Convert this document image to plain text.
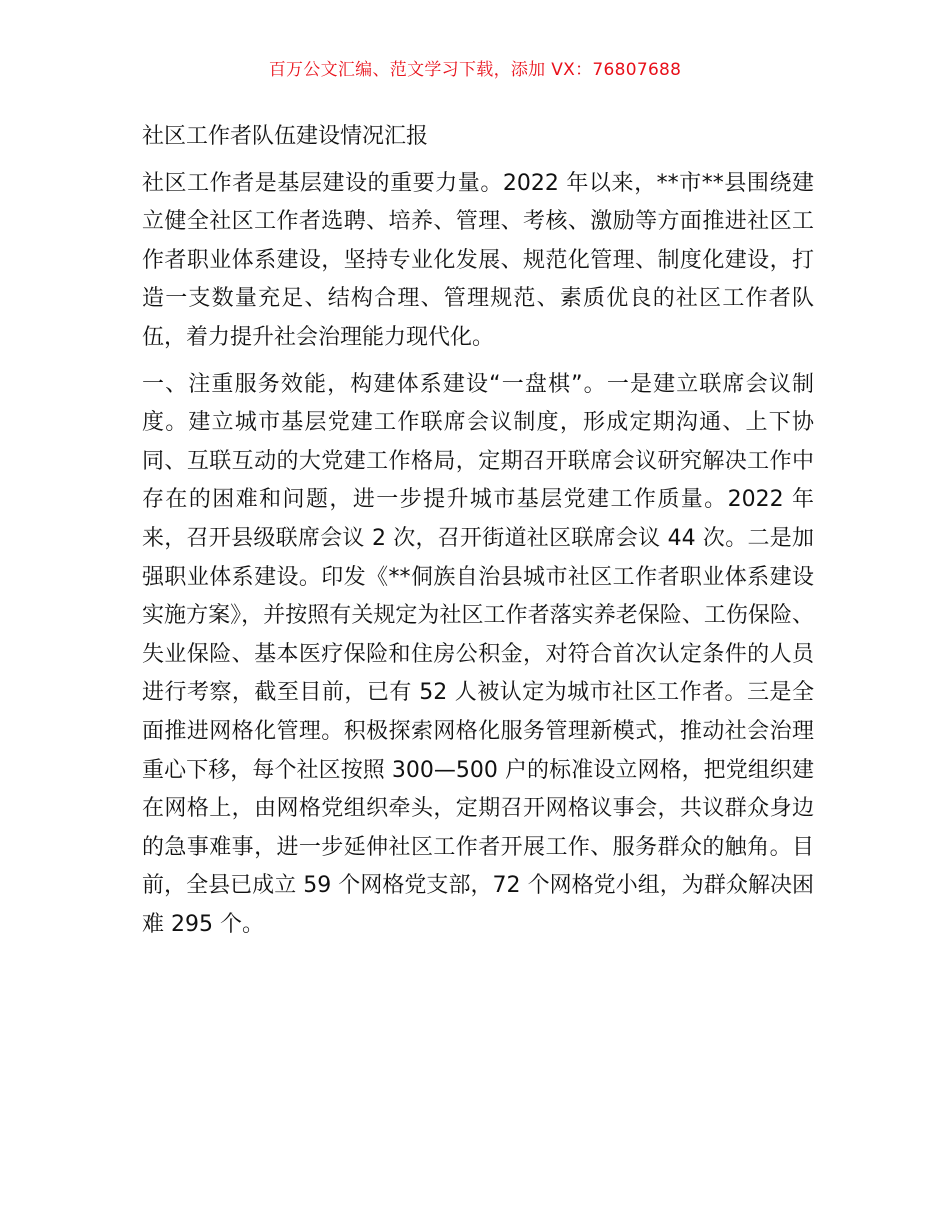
百万公文汇编、范文学习下载，添加 VX：76807688

社区工作者队伍建设情况汇报

社区工作者是基层建设的重要力量。2022 年以来，**市**县围绕建立健全社区工作者选聘、培养、管理、考核、激励等方面推进社区工作者职业体系建设，坚持专业化发展、规范化管理、制度化建设，打造一支数量充足、结构合理、管理规范、素质优良的社区工作者队伍，着力提升社会治理能力现代化。

一、注重服务效能，构建体系建设“一盘棋”。一是建立联席会议制度。建立城市基层党建工作联席会议制度，形成定期沟通、上下协同、互联互动的大党建工作格局，定期召开联席会议研究解决工作中存在的困难和问题，进一步提升城市基层党建工作质量。2022 年来，召开县级联席会议 2 次，召开街道社区联席会议 44 次。二是加强职业体系建设。印发《**侗族自治县城市社区工作者职业体系建设实施方案》，并按照有关规定为社区工作者落实养老保险、工伤保险、失业保险、基本医疗保险和住房公积金，对符合首次认定条件的人员进行考察，截至目前，已有 52 人被认定为城市社区工作者。三是全面推进网格化管理。积极探索网格化服务管理新模式，推动社会治理重心下移，每个社区按照 300—500 户的标准设立网格，把党组织建在网格上，由网格党组织牵头，定期召开网格议事会，共议群众身边的急事难事，进一步延伸社区工作者开展工作、服务群众的触角。目前，全县已成立 59 个网格党支部，72 个网格党小组，为群众解决困难 295 个。
